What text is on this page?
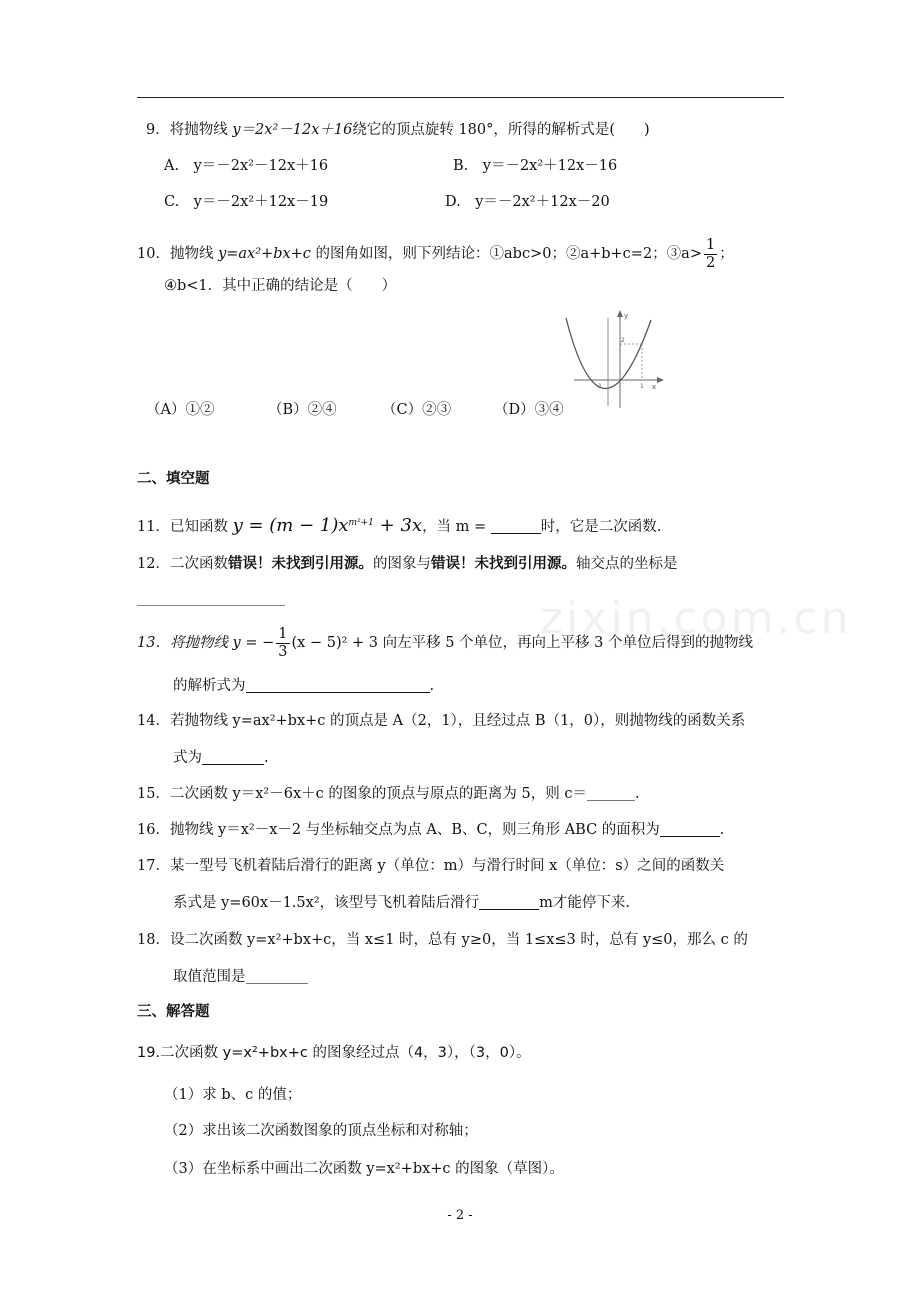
zixin.com.cn
9．将抛物线 y＝2x²－12x＋16绕它的顶点旋转 180°，所得的解析式是(　　)
A.　y＝－2x²－12x＋16	B.　y＝－2x²＋12x－16
C.　y＝－2x²＋12x－19	D.　y＝－2x²＋12x－20
10．抛物线 y=ax²+bx+c 的图角如图，则下列结论：①abc>0；②a+b+c=2；③a> $\frac{1}{2}$ ；
④b<1．其中正确的结论是（　　）
y
x
-1	1
2
（A）①②	（B）②④	（C）②③	（D）③④
二、填空题
11．已知函数 $y = (m - 1)x^{m^2+1} + 3x$，当 m =	时，它是二次函数.
12．二次函数错误！未找到引用源。的图象与错误！未找到引用源。轴交点的坐标是
13．将抛物线 y = − $\frac{1}{3} (x - 5)^2 + 3$ 向左平移 5 个单位，再向上平移 3 个单位后得到的抛物线
的解析式为	.
14．若抛物线 y=ax²+bx+c 的顶点是 A（2，1），且经过点 B（1，0），则抛物线的函数关系
式为	.
15．二次函数 y＝x²－6x＋c 的图象的顶点与原点的距离为 5，则 c＝	.
16．抛物线 y＝x²－x－2 与坐标轴交点为点 A、B、C，则三角形 ABC 的面积为	.
17．某一型号飞机着陆后滑行的距离 y（单位：m）与滑行时间 x（单位：s）之间的函数关
系式是 y=60x－1.5x²，该型号飞机着陆后滑行	m才能停下来.
18．设二次函数 y=x²+bx+c，当 x≤1 时，总有 y≥0，当 1≤x≤3 时，总有 y≤0，那么 c 的
取值范围是
三、解答题
19.二次函数 y=x²+bx+c 的图象经过点（4，3），（3，0）。
（1）求 b、c 的值；
（2）求出该二次函数图象的顶点坐标和对称轴；
（3）在坐标系中画出二次函数 y=x²+bx+c 的图象（草图）。
- 2 -
